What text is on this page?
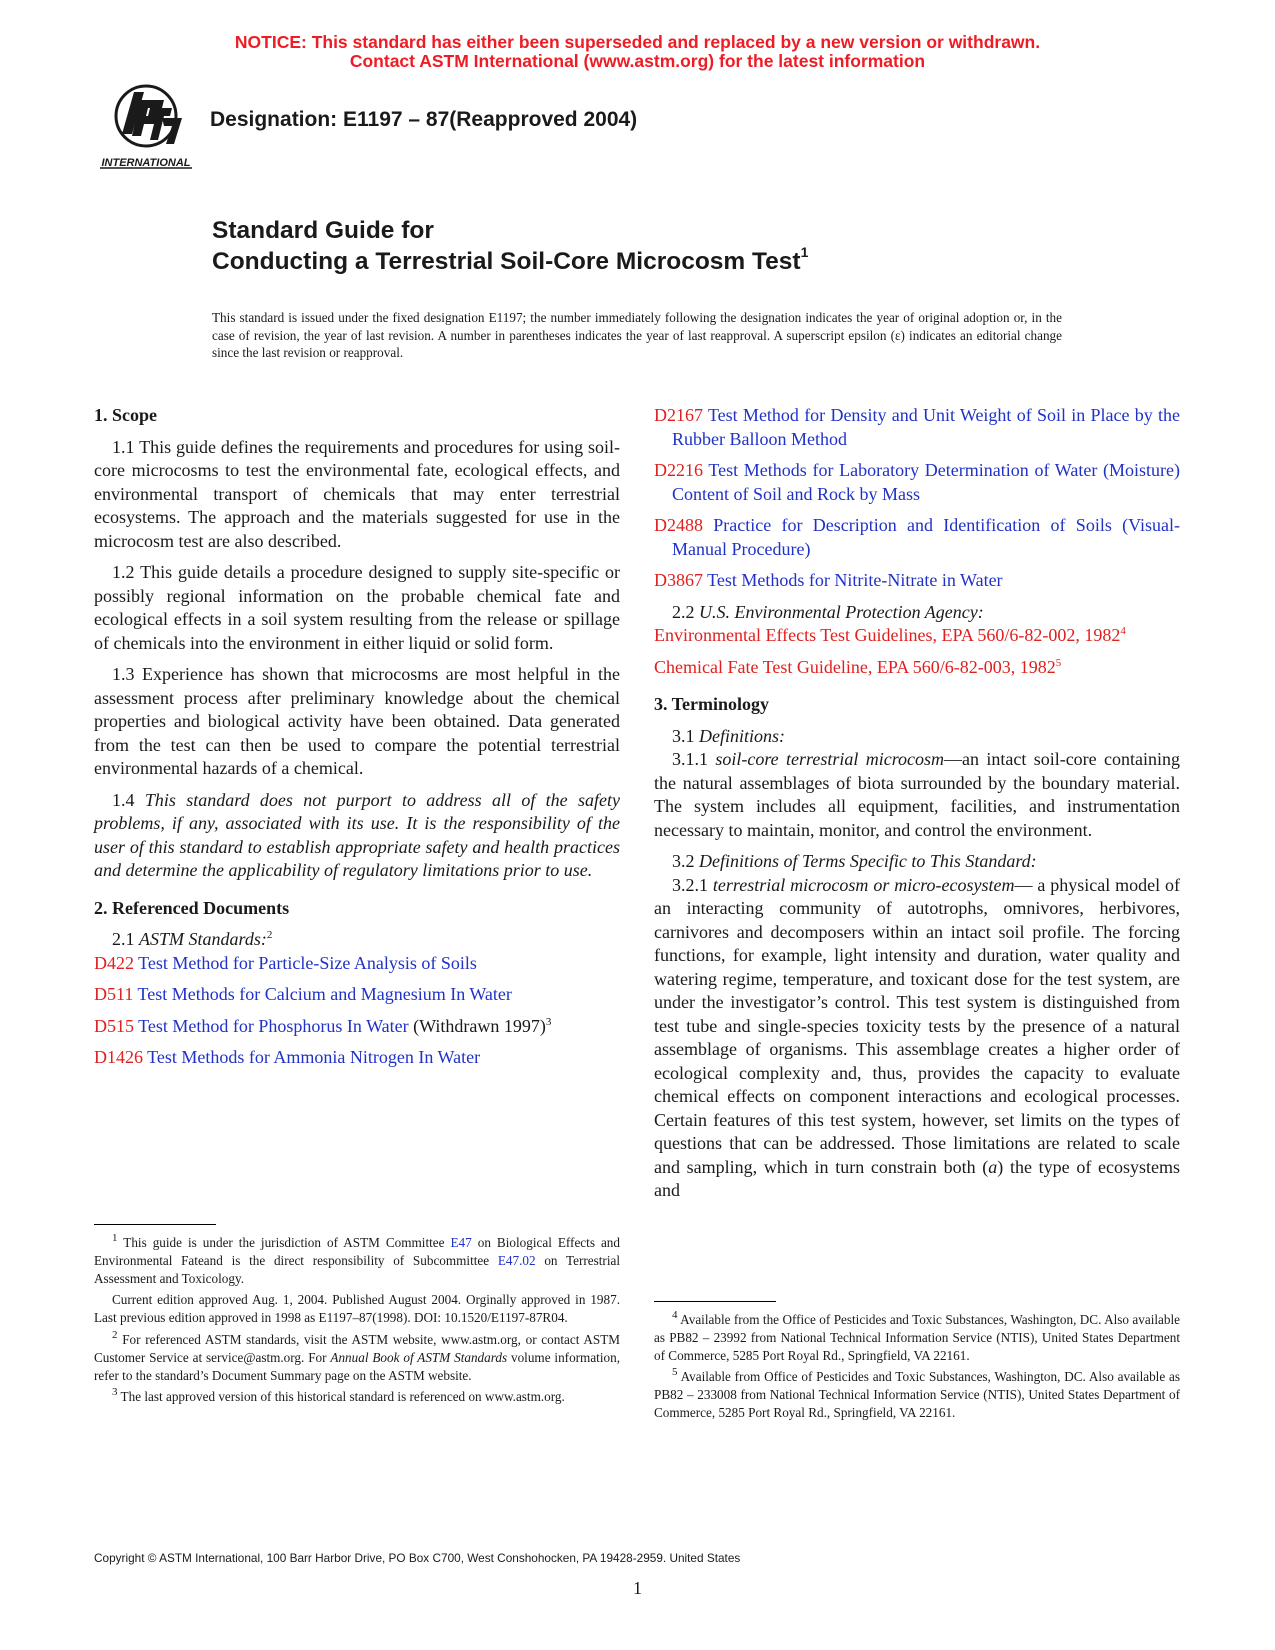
NOTICE: This standard has either been superseded and replaced by a new version or withdrawn.
Contact ASTM International (www.astm.org) for the latest information
INTERNATIONAL
Designation: E1197 – 87(Reapproved 2004)
Standard Guide for
Conducting a Terrestrial Soil-Core Microcosm Test$^1$
This standard is issued under the fixed designation E1197; the number immediately following the designation indicates the year of original adoption or, in the case of revision, the year of last revision. A number in parentheses indicates the year of last reapproval. A superscript epsilon (ε) indicates an editorial change since the last revision or reapproval.
1. Scope

1.1 This guide defines the requirements and procedures for using soil-core microcosms to test the environmental fate, ecological effects, and environmental transport of chemicals that may enter terrestrial ecosystems. The approach and the materials suggested for use in the microcosm test are also described.

1.2 This guide details a procedure designed to supply site-specific or possibly regional information on the probable chemical fate and ecological effects in a soil system resulting from the release or spillage of chemicals into the environment in either liquid or solid form.

1.3 Experience has shown that microcosms are most helpful in the assessment process after preliminary knowledge about the chemical properties and biological activity have been obtained. Data generated from the test can then be used to compare the potential terrestrial environmental hazards of a chemical.

1.4 This standard does not purport to address all of the safety problems, if any, associated with its use. It is the responsibility of the user of this standard to establish appropriate safety and health practices and determine the applicability of regulatory limitations prior to use.

2. Referenced Documents

2.1 ASTM Standards:$^2$

D422 Test Method for Particle-Size Analysis of Soils

D511 Test Methods for Calcium and Magnesium In Water

D515 Test Method for Phosphorus In Water (Withdrawn 1997)$^3$

D1426 Test Methods for Ammonia Nitrogen In Water

D2167 Test Method for Density and Unit Weight of Soil in Place by the Rubber Balloon Method

D2216 Test Methods for Laboratory Determination of Water (Moisture) Content of Soil and Rock by Mass

D2488 Practice for Description and Identification of Soils (Visual-Manual Procedure)

D3867 Test Methods for Nitrite-Nitrate in Water

2.2 U.S. Environmental Protection Agency:

Environmental Effects Test Guidelines, EPA 560/6-82-002, 1982$^4$

Chemical Fate Test Guideline, EPA 560/6-82-003, 1982$^5$

3. Terminology

3.1 Definitions:

3.1.1 soil-core terrestrial microcosm—an intact soil-core containing the natural assemblages of biota surrounded by the boundary material. The system includes all equipment, facilities, and instrumentation necessary to maintain, monitor, and control the environment.

3.2 Definitions of Terms Specific to This Standard:

3.2.1 terrestrial microcosm or micro-ecosystem— a physical model of an interacting community of autotrophs, omnivores, herbivores, carnivores and decomposers within an intact soil profile. The forcing functions, for example, light intensity and duration, water quality and watering regime, temperature, and toxicant dose for the test system, are under the investigator’s control. This test system is distinguished from test tube and single-species toxicity tests by the presence of a natural assemblage of organisms. This assemblage creates a higher order of ecological complexity and, thus, provides the capacity to evaluate chemical effects on component interactions and ecological processes. Certain features of this test system, however, set limits on the types of questions that can be addressed. Those limitations are related to scale and sampling, which in turn constrain both (a) the type of ecosystems and

$^1$ This guide is under the jurisdiction of ASTM Committee E47 on Biological Effects and Environmental Fateand is the direct responsibility of Subcommittee E47.02 on Terrestrial Assessment and Toxicology.

Current edition approved Aug. 1, 2004. Published August 2004. Orginally approved in 1987. Last previous edition approved in 1998 as E1197–87(1998). DOI: 10.1520/E1197-87R04.

$^2$ For referenced ASTM standards, visit the ASTM website, www.astm.org, or contact ASTM Customer Service at service@astm.org. For Annual Book of ASTM Standards volume information, refer to the standard’s Document Summary page on the ASTM website.

$^3$ The last approved version of this historical standard is referenced on www.astm.org.

$^4$ Available from the Office of Pesticides and Toxic Substances, Washington, DC. Also available as PB82 – 23992 from National Technical Information Service (NTIS), United States Department of Commerce, 5285 Port Royal Rd., Springfield, VA 22161.

$^5$ Available from Office of Pesticides and Toxic Substances, Washington, DC. Also available as PB82 – 233008 from National Technical Information Service (NTIS), United States Department of Commerce, 5285 Port Royal Rd., Springfield, VA 22161.

Copyright © ASTM International, 100 Barr Harbor Drive, PO Box C700, West Conshohocken, PA 19428-2959. United States
1
